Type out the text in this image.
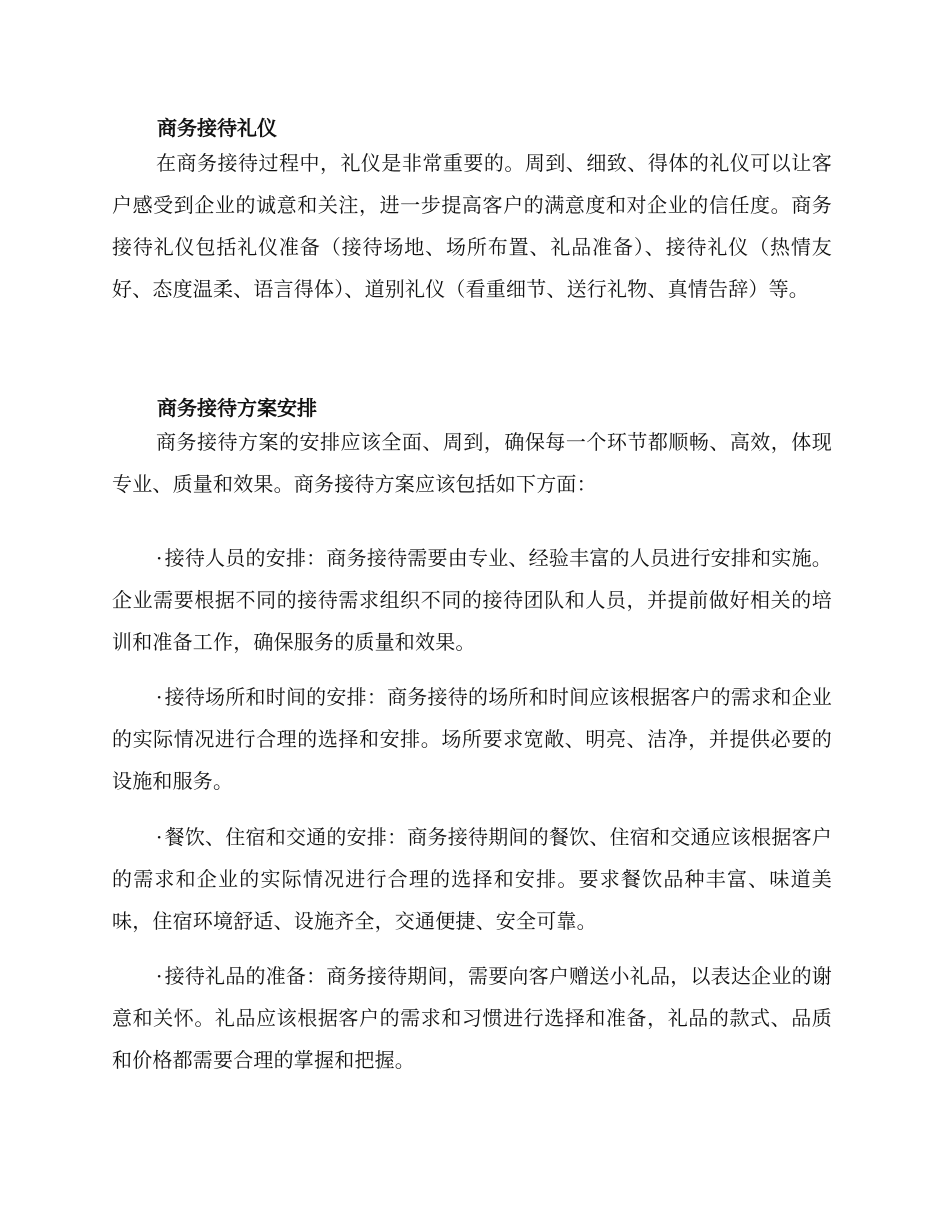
商务接待礼仪

在商务接待过程中，礼仪是非常重要的。周到、细致、得体的礼仪可以让客户感受到企业的诚意和关注，进一步提高客户的满意度和对企业的信任度。商务接待礼仪包括礼仪准备（接待场地、场所布置、礼品准备）、接待礼仪（热情友好、态度温柔、语言得体）、道别礼仪（看重细节、送行礼物、真情告辞）等。

商务接待方案安排

商务接待方案的安排应该全面、周到，确保每一个环节都顺畅、高效，体现专业、质量和效果。商务接待方案应该包括如下方面：

· 接待人员的安排：商务接待需要由专业、经验丰富的人员进行安排和实施。企业需要根据不同的接待需求组织不同的接待团队和人员，并提前做好相关的培训和准备工作，确保服务的质量和效果。

· 接待场所和时间的安排：商务接待的场所和时间应该根据客户的需求和企业的实际情况进行合理的选择和安排。场所要求宽敞、明亮、洁净，并提供必要的设施和服务。

· 餐饮、住宿和交通的安排：商务接待期间的餐饮、住宿和交通应该根据客户的需求和企业的实际情况进行合理的选择和安排。要求餐饮品种丰富、味道美味，住宿环境舒适、设施齐全，交通便捷、安全可靠。

· 接待礼品的准备：商务接待期间，需要向客户赠送小礼品，以表达企业的谢意和关怀。礼品应该根据客户的需求和习惯进行选择和准备，礼品的款式、品质和价格都需要合理的掌握和把握。
